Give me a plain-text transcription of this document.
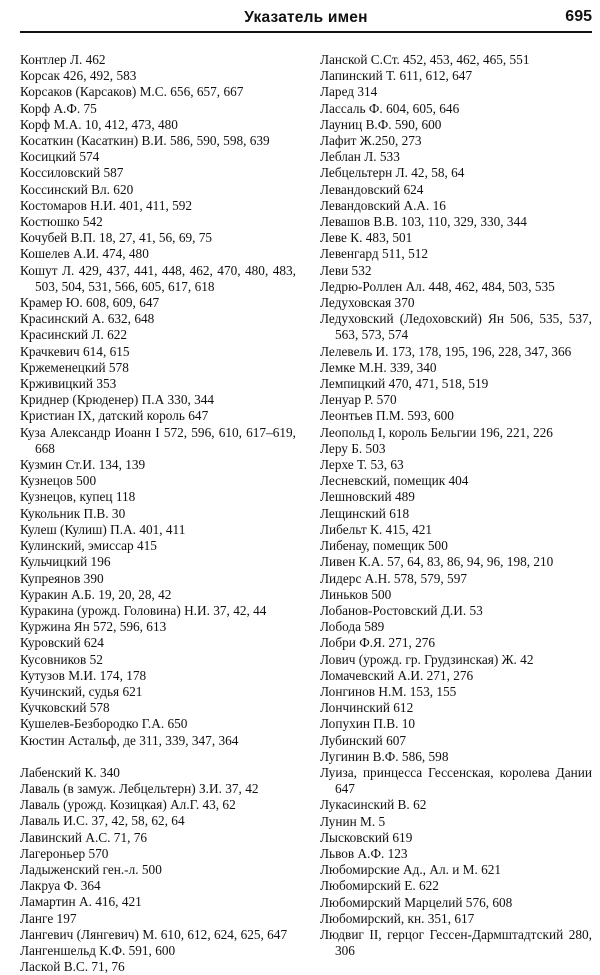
Указатель имен	695
Контлер Л. 462
Корсак 426, 492, 583
Корсаков (Карсаков) М.С. 656, 657, 667
Корф А.Ф. 75
Корф М.А. 10, 412, 473, 480
Косаткин (Касаткин) В.И. 586, 590, 598, 639
Косицкий 574
Коссиловский 587
Коссинский Вл. 620
Костомаров Н.И. 401, 411, 592
Костюшко 542
Кочубей В.П. 18, 27, 41, 56, 69, 75
Кошелев А.И. 474, 480
Кошут Л. 429, 437, 441, 448, 462, 470, 480, 483, 503, 504, 531, 566, 605, 617, 618
Крамер Ю. 608, 609, 647
Красинский А. 632, 648
Красинский Л. 622
Крачкевич 614, 615
Кржеменецкий 578
Крживицкий 353
Криднер (Крюденер) П.А 330, 344
Кристиан IX, датский король 647
Куза Александр Иоанн I 572, 596, 610, 617–619, 668
Кузмин Ст.И. 134, 139
Кузнецов 500
Кузнецов, купец 118
Кукольник П.В. 30
Кулеш (Кулиш) П.А. 401, 411
Кулинский, эмиссар 415
Кульчицкий 196
Купреянов 390
Куракин А.Б. 19, 20, 28, 42
Куракина (урожд. Головина) Н.И. 37, 42, 44
Куржина Ян 572, 596, 613
Куровский 624
Кусовников 52
Кутузов М.И. 174, 178
Кучинский, судья 621
Кучковский 578
Кушелев-Безбородко Г.А. 650
Кюстин Астальф, де 311, 339, 347, 364
Лабенский К. 340
Лаваль (в замуж. Лебцельтерн) З.И. 37, 42
Лаваль (урожд. Козицкая) Ал.Г. 43, 62
Лаваль И.С. 37, 42, 58, 62, 64
Лавинский А.С. 71, 76
Лагероньер 570
Ладыженский ген.-л. 500
Лакруа Ф. 364
Ламартин А. 416, 421
Ланге 197
Лангевич (Лянгевич) М. 610, 612, 624, 625, 647
Лангеншельд К.Ф. 591, 600
Лаской В.С. 71, 76
Ланской С.Ст. 452, 453, 462, 465, 551
Лапинский Т. 611, 612, 647
Ларед 314
Лассаль Ф. 604, 605, 646
Лауниц В.Ф. 590, 600
Лафит Ж.250, 273
Леблан Л. 533
Лебцельтерн Л. 42, 58, 64
Левандовский 624
Левандовский А.А. 16
Левашов В.В. 103, 110, 329, 330, 344
Леве К. 483, 501
Левенгард 511, 512
Леви 532
Ледрю-Роллен Ал. 448, 462, 484, 503, 535
Ледуховская 370
Ледуховский (Ледоховский) Ян 506, 535, 537, 563, 573, 574
Лелевель И. 173, 178, 195, 196, 228, 347, 366
Лемке М.Н. 339, 340
Лемпицкий 470, 471, 518, 519
Ленуар Р. 570
Леонтьев П.М. 593, 600
Леопольд I, король Бельгии 196, 221, 226
Леру Б. 503
Лерхе Т. 53, 63
Лесневский, помещик 404
Лешновский 489
Лещинский 618
Либельт К. 415, 421
Либенау, помещик 500
Ливен К.А. 57, 64, 83, 86, 94, 96, 198, 210
Лидерс А.Н. 578, 579, 597
Линьков 500
Лобанов-Ростовский Д.И. 53
Лобода 589
Лобри Ф.Я. 271, 276
Лович (урожд. гр. Грудзинская) Ж. 42
Ломачевский А.И. 271, 276
Лонгинов Н.М. 153, 155
Лончинский 612
Лопухин П.В. 10
Лубинский 607
Лугинин В.Ф. 586, 598
Луиза, принцесса Гессенская, королева Дании 647
Лукасинский В. 62
Лунин М. 5
Лысковский 619
Львов А.Ф. 123
Любомирские Ад., Ал. и М. 621
Любомирский Е. 622
Любомирский Марцелий 576, 608
Любомирский, кн. 351, 617
Людвиг II, герцог Гессен-Дармштадтский 280, 306
